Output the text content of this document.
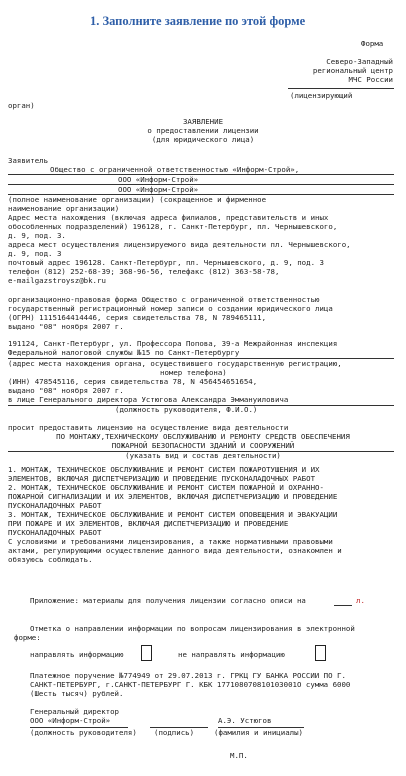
1. Заполните заявление по этой форме
Форма
Северо-Западный
региональный центр
МЧС России
(лицензирующий
орган)
ЗАЯВЛЕНИЕ
о предоставлении лицензии
(для юридического лица)
Заявитель
Общество с ограниченной ответственностью «Информ-Строй»,
ООО «Информ-Строй»
ООО «Информ-Строй»
(полное наименование организации) (сокращенное и фирменное
наименование организации)
Адрес места нахождения (включая адреса филиалов, представительств и иных
обособленных подразделений) 196128, г. Санкт-Петербург, пл. Чернышевского,
д. 9, под. 3.
адреса мест осуществления лицензируемого вида деятельности пл. Чернышевского,
д. 9, под. 3
почтовый адрес 196128. Санкт-Петербург, пл. Чернышевского, д. 9, под. 3
телефон (812) 252-68-39; 368-96-56, телефакс (812) 363-58-78,
e-mailgazstroysz@bk.ru
организационно-правовая форма Общество с ограниченной ответственностью
государственный регистрационный номер записи о создании юридического лица
(ОГРН) 1115164414446, серия свидетельства 78, N 789465111,
выдано "08" ноября 2007 г.
191124, Санкт-Петербург, ул. Профессора Попова, 39-а Межрайонная инспекция
Федеральной налоговой службы №15 по Санкт-Петербургу
(адрес места нахождения органа, осуществившего государственную регистрацию,
номер телефона)
(ИНН) 478545116, серия свидетельства 78, N 456454651654,
выдано "08" ноября 2007 г.
в лице Генерального директора Устюгова Александра Эммануиловича
(должность руководителя, Ф.И.О.)
просит предоставить лицензию на осуществление вида деятельности
ПО МОНТАЖУ,ТЕХНИЧЕСКОМУ ОБСЛУЖИВАНИЮ И РЕМОНТУ СРЕДСТВ ОБЕСПЕЧЕНИЯ
ПОЖАРНОЙ БЕЗОПАСНОСТИ ЗДАНИЙ И СООРУЖЕНИЙ
(указать вид и состав деятельности)
1. МОНТАЖ, ТЕХНИЧЕСКОЕ ОБСЛУЖИВАНИЕ И РЕМОНТ СИСТЕМ ПОЖАРОТУШЕНИЯ И ИХ
ЭЛЕМЕНТОВ, ВКЛЮЧАЯ ДИСПЕТЧЕРИЗАЦИЮ И ПРОВЕДЕНИЕ ПУСКОНАЛАДОЧНЫХ РАБОТ
2. МОНТАЖ, ТЕХНИЧЕСКОЕ ОБСЛУЖИВАНИЕ И РЕМОНТ СИСТЕМ ПОЖАРНОЙ И ОХРАННО-
ПОЖАРНОЙ СИГНАЛИЗАЦИИ И ИХ ЭЛЕМЕНТОВ, ВКЛЮЧАЯ ДИСПЕТЧЕРИЗАЦИЮ И ПРОВЕДЕНИЕ
ПУСКОНАЛАДОЧНЫХ РАБОТ
3. МОНТАЖ, ТЕХНИЧЕСКОЕ ОБСЛУЖИВАНИЕ И РЕМОНТ СИСТЕМ ОПОВЕЩЕНИЯ И ЭВАКУАЦИИ
ПРИ ПОЖАРЕ И ИХ ЭЛЕМЕНТОВ, ВКЛЮЧАЯ ДИСПЕТЧЕРИЗАЦИЮ И ПРОВЕДЕНИЕ
ПУСКОНАЛАДОЧНЫХ РАБОТ
С условиями и требованиями лицензирования, а также нормативными правовыми
актами, регулирующими осуществление данного вида деятельности, ознакомлен и
обязуюсь соблюдать.
Приложение: материалы для получения лицензии согласно описи на	л.
Отметка о направлении информации по вопросам лицензирования в электронной
форме:
направлять информацию	не направлять информацию
Платежное поручение №774949 от 29.07.2013 г. ГРКЦ ГУ БАНКА РОССИИ ПО Г.
САНКТ-ПЕТЕРБУРГ, г.САНКТ-ПЕТЕРБУРГ Г. КБК 177108070810103001О сумма 6000
(Шесть тысяч) рублей.
Генеральный директор
ООО «Информ-Строй»	А.Э. Устюгов
(должность руководителя) (подпись)	(фамилия и инициалы)
М.П.
